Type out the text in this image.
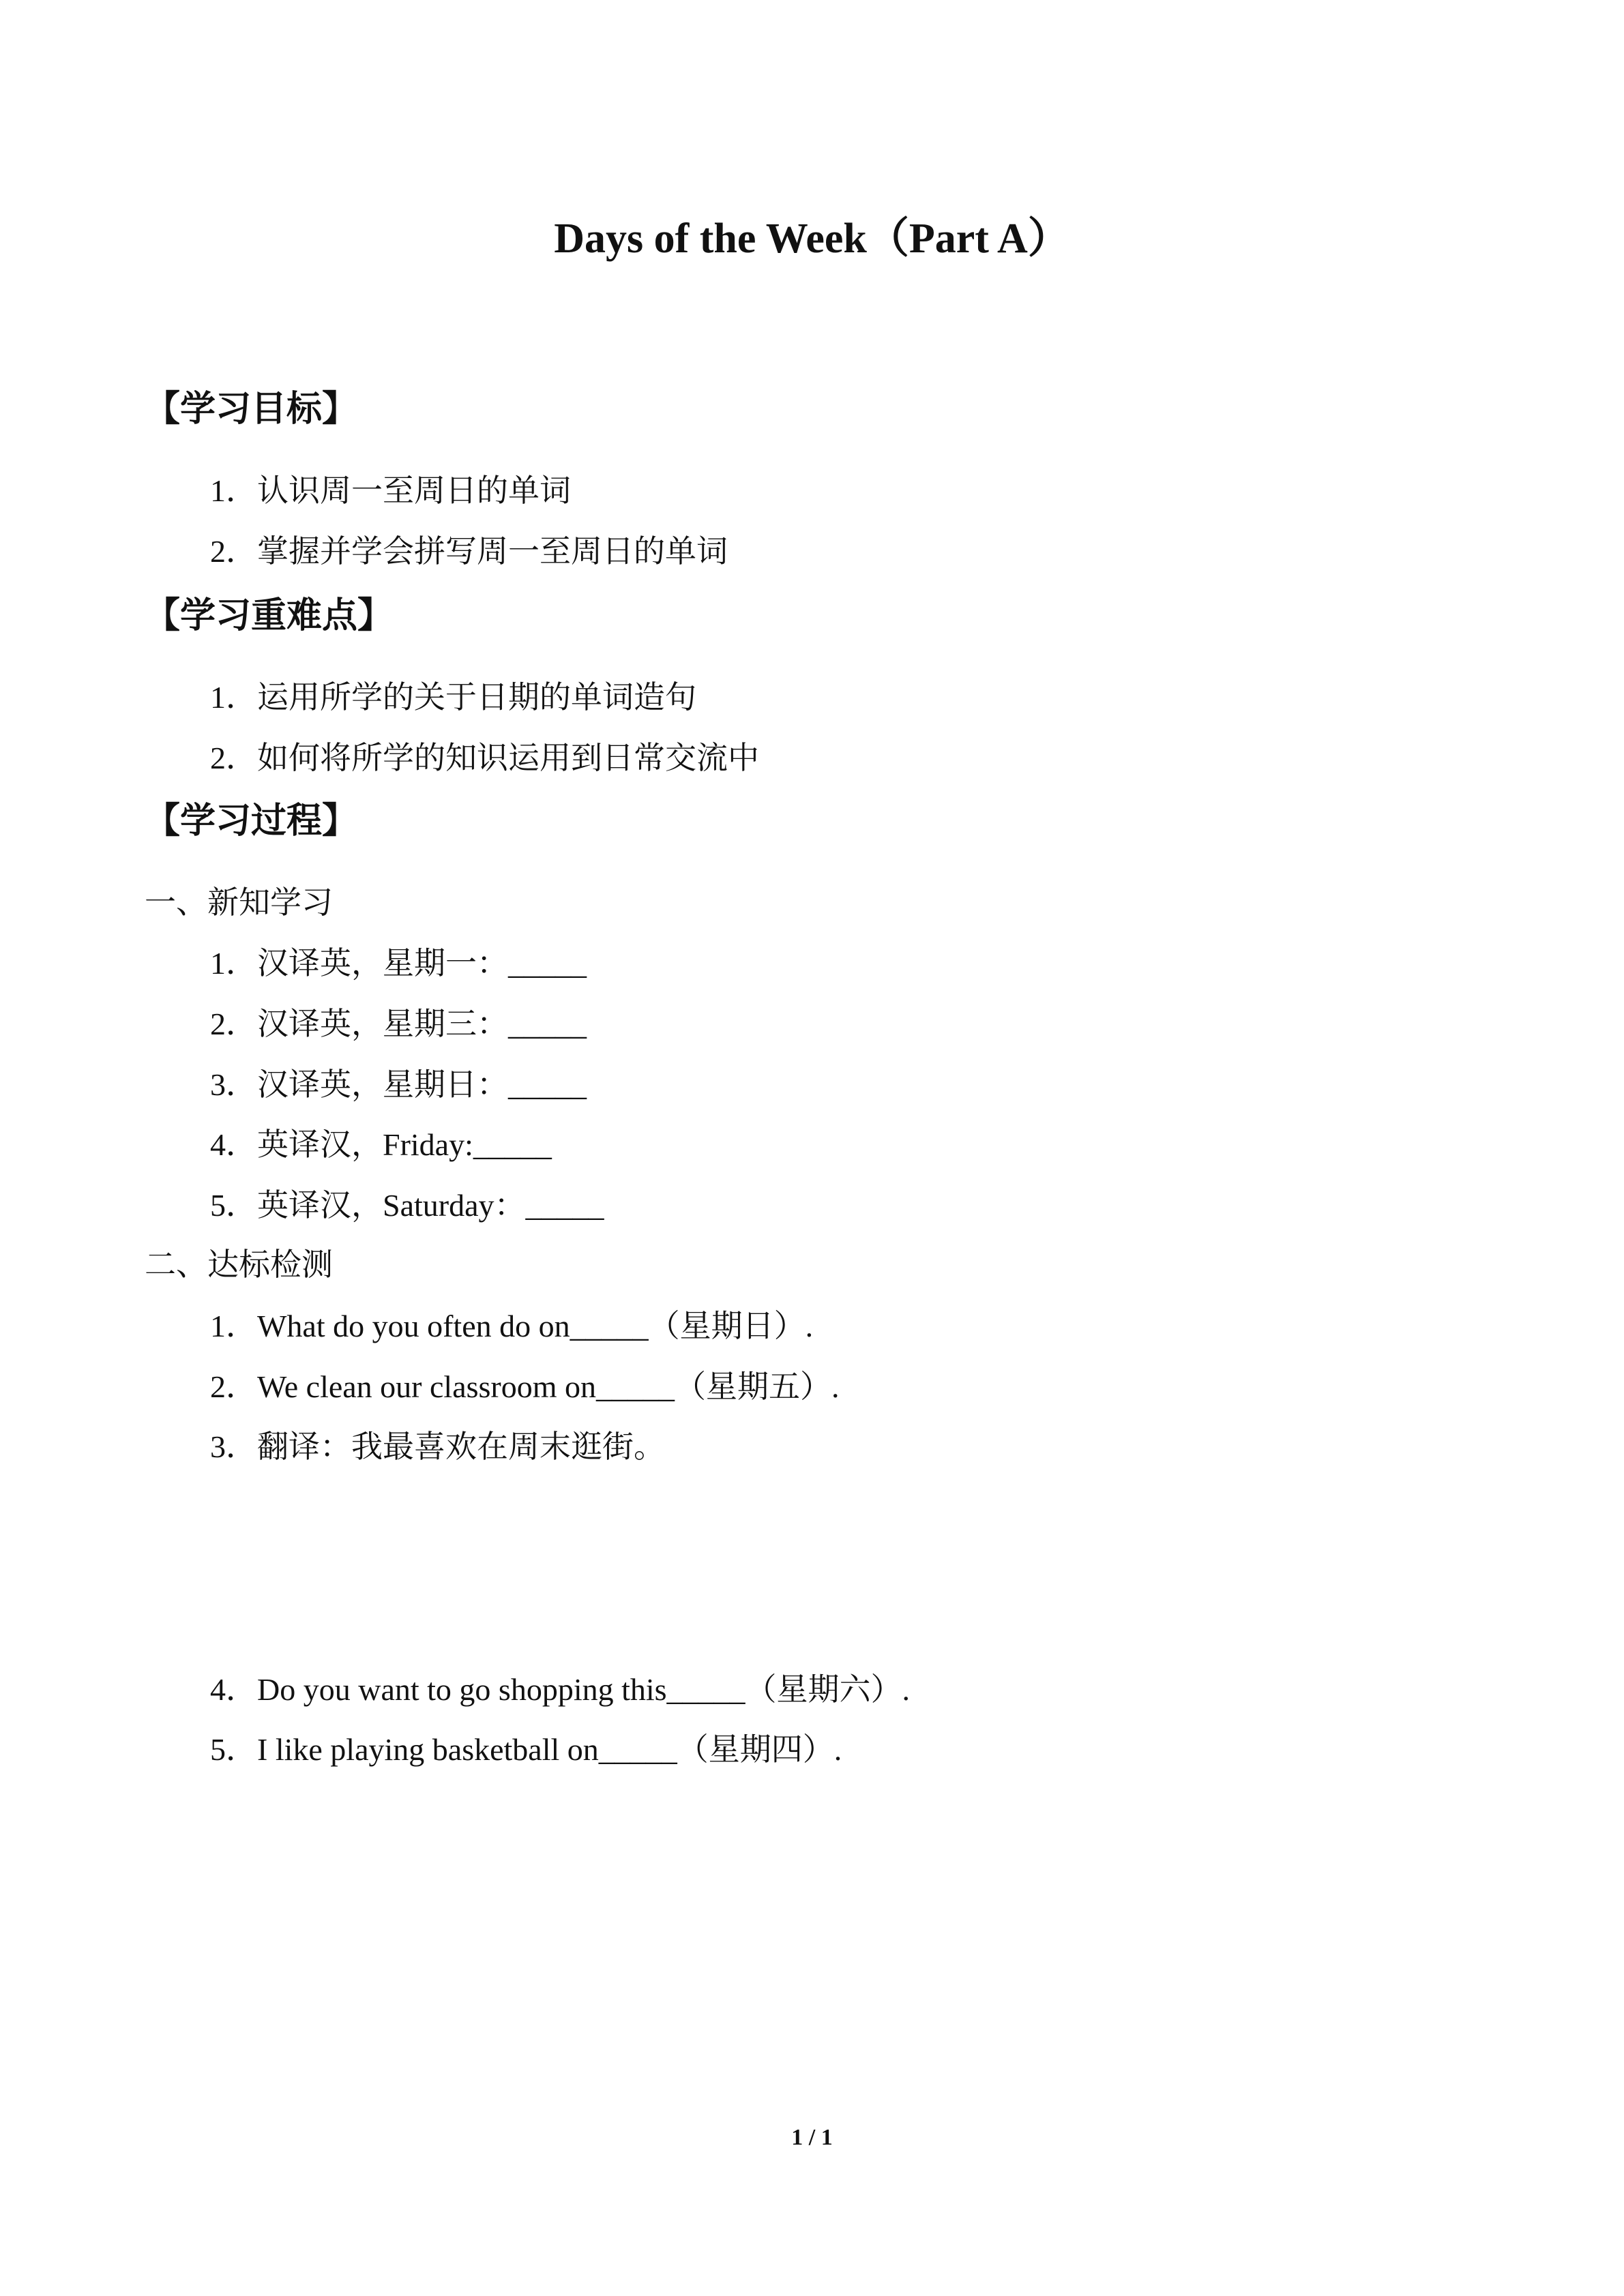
Days of the Week（Part A）
【学习目标】
1．认识周一至周日的单词
2．掌握并学会拼写周一至周日的单词
【学习重难点】
1．运用所学的关于日期的单词造句
2．如何将所学的知识运用到日常交流中
【学习过程】
一、新知学习
1．汉译英，星期一：_____
2．汉译英，星期三：_____
3．汉译英，星期日：_____
4．英译汉，Friday:_____
5．英译汉，Saturday：_____
二、达标检测
1．What do you often do on_____（星期日）.
2．We clean our classroom on_____（星期五）.
3．翻译：我最喜欢在周末逛街。
4．Do you want to go shopping this_____（星期六）.
5．I like playing basketball on_____（星期四）.
1 / 1
